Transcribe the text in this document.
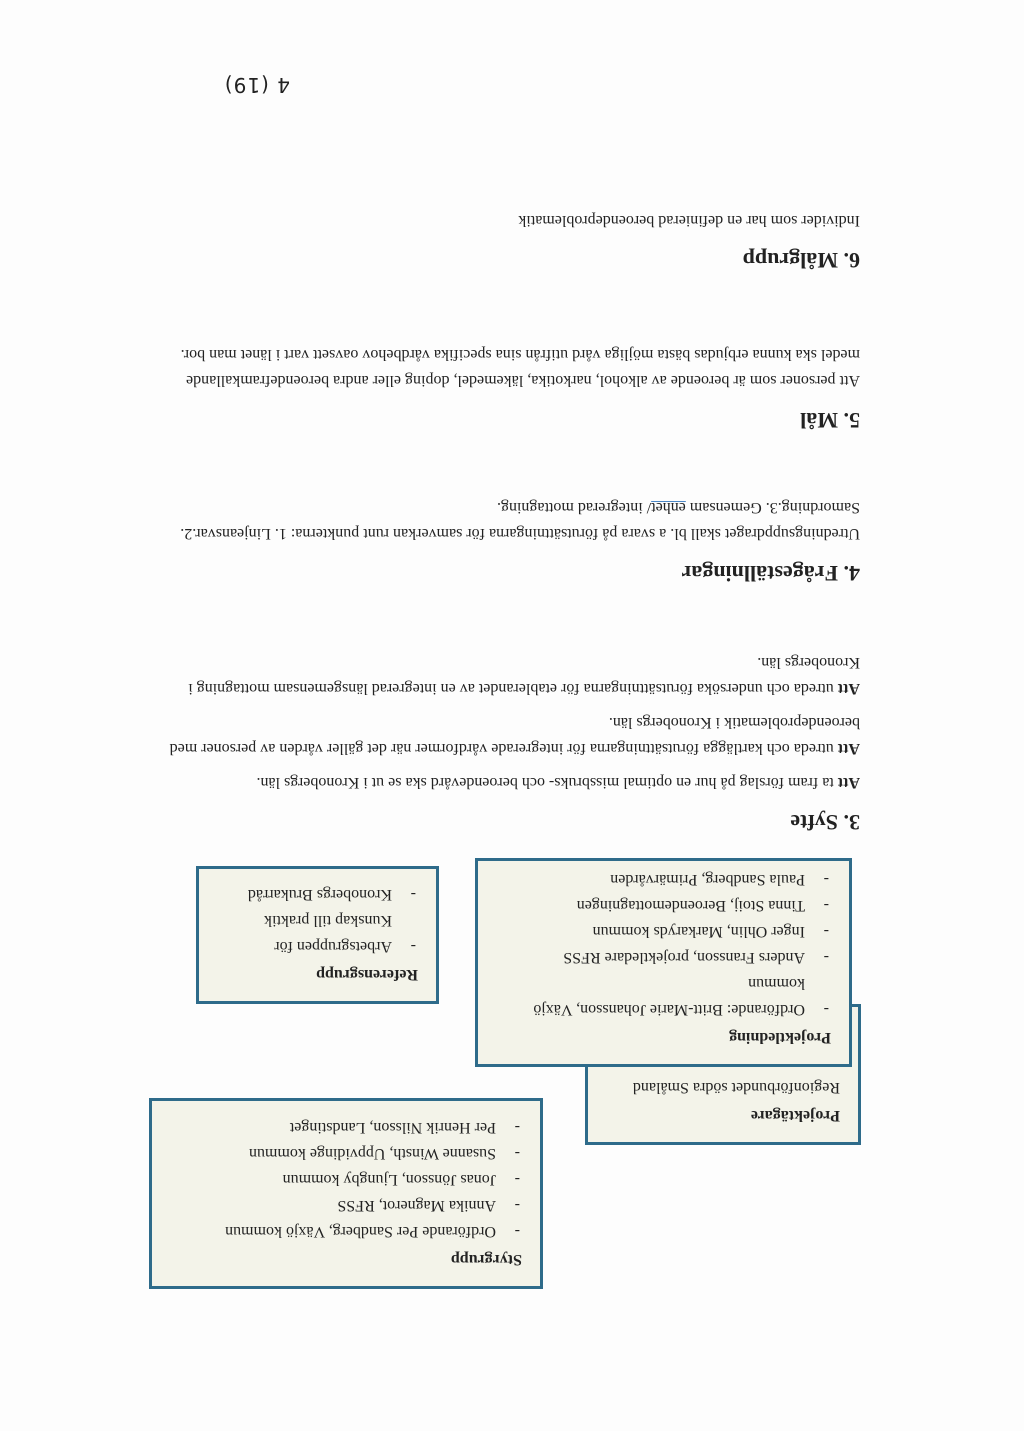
Styrgrupp
- Ordförande Per Sandberg, Växjö kommun
- Annika Magnerot, RFSS
- Jonas Jönsson, Ljungby kommun
- Susanne Winsth, Uppvidinge kommun
- Per Henrik Nilsson, Landstinget
Projektägare

Regionförbundet södra Småland

Projektledning
- Ordförande: Britt-Marie Johansson, Växjö kommun
- Anders Fransson, projektledare RFSS
- Inger Ohlin, Markaryds kommun
- Tinna Stoij, Beroendemottagningen
- Paula Sandberg, Primärvården
Referensgrupp
- Arbetsgruppen för Kunskap till praktik
- Kronobergs Brukarråd
3. Syfte

Att ta fram förslag på hur en optimal missbruks- och beroendevård ska se ut i Kronobergs län.

Att utreda och kartlägga förutsättningarna för integrerade vårdformer när det gäller vården av personer med beroendeproblematik i Kronobergs län.

Att utreda och undersöka förutsättningarna för etablerandet av en integrerad länsgemensam mottagning i Kronobergs län.

4. Frågeställningar

Utredningsuppdraget skall bl. a svara på förutsättningarna för samverkan runt punkterna: 1. Linjeansvar.2. Samordning.3. Gemensam enhet/ integrerad mottagning.

5. Mål

Att personer som är beroende av alkohol, narkotika, läkemedel, doping eller andra beroendeframkallande medel ska kunna erbjudas bästa möjliga vård utifrån sina specifika vårdbehov oavsett vart i länet man bor.

6. Målgrupp

Individer som har en definierad beroendeproblematik

4 (19)
